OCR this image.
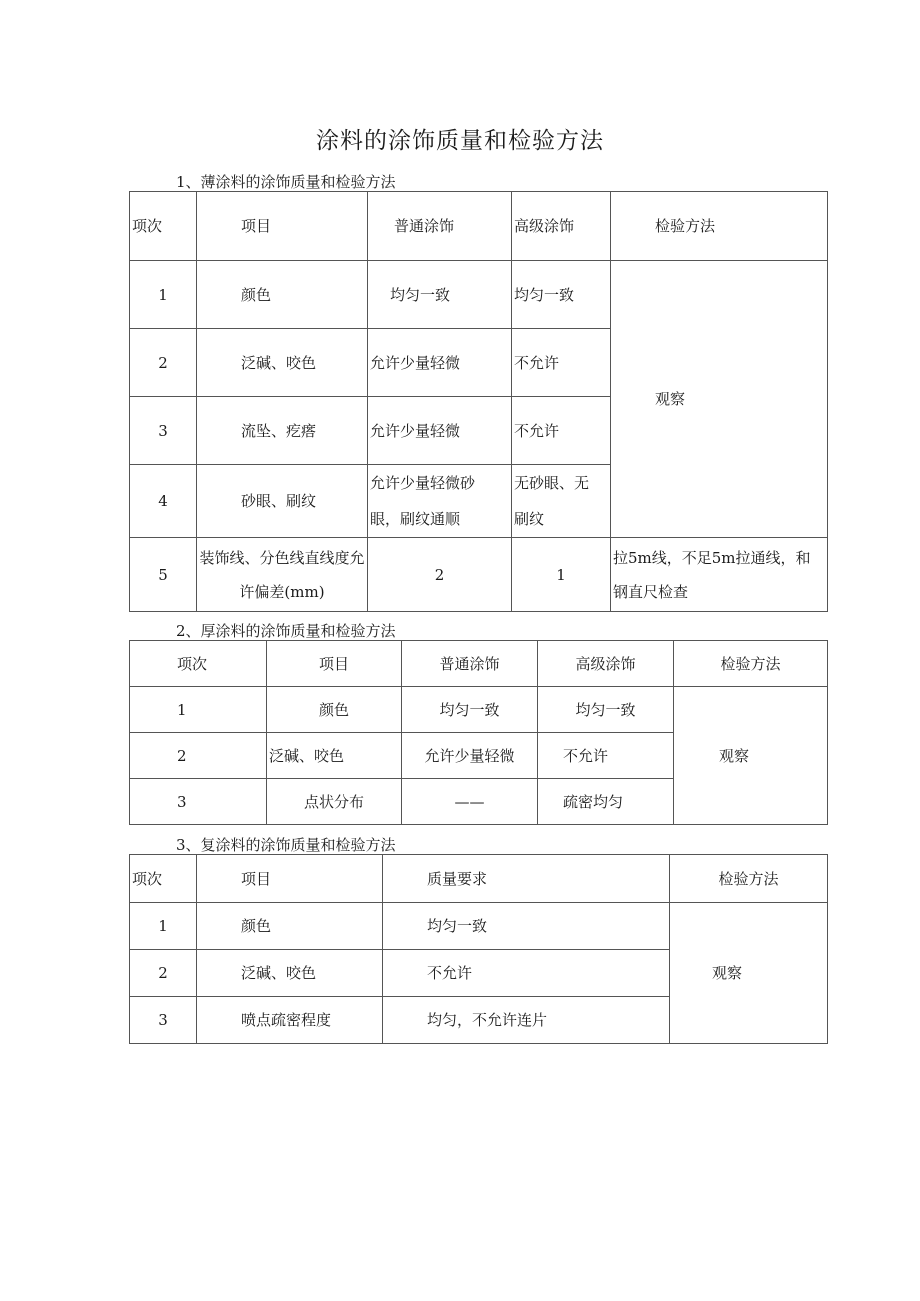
涂料的涂饰质量和检验方法
1、薄涂料的涂饰质量和检验方法
项次	项目	普通涂饰	高级涂饰	检验方法
1	颜色	均匀一致	均匀一致	观察
2	泛碱、咬色	允许少量轻微	不允许	
3	流坠、疙瘩	允许少量轻微	不允许	
4	砂眼、刷纹	允许少量轻微砂眼，刷纹通顺	无砂眼、无刷纹	
5	装饰线、分色线直线度允许偏差(mm)	2	1	拉5m线，不足5m拉通线，和钢直尺检查
2、厚涂料的涂饰质量和检验方法
项次	项目	普通涂饰	高级涂饰	检验方法
1	颜色	均匀一致	均匀一致	观察
2	泛碱、咬色	允许少量轻微	不允许	
3	点状分布	——	疏密均匀	
3、复涂料的涂饰质量和检验方法
项次	项目	质量要求	检验方法
1	颜色	均匀一致	观察
2	泛碱、咬色	不允许	
3	喷点疏密程度	均匀，不允许连片	
